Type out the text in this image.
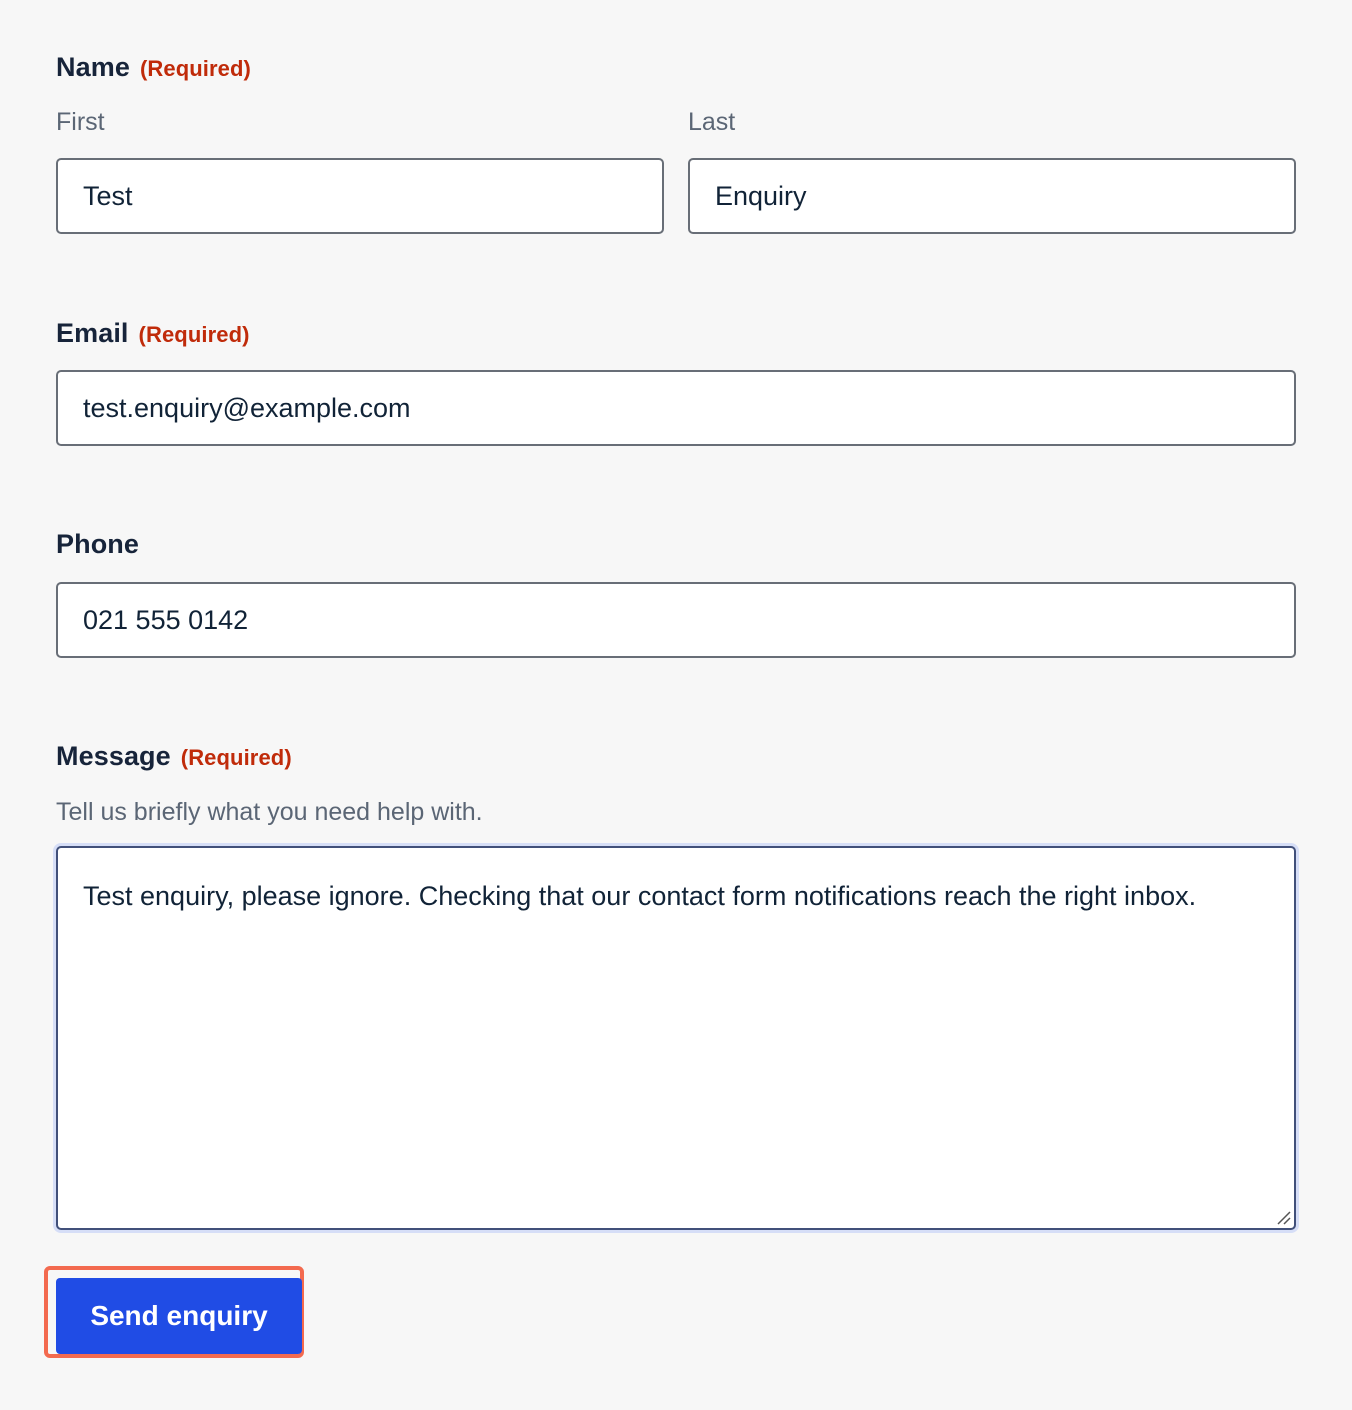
Name (Required)
First	Last
Test	Enquiry
Email (Required)
test.enquiry@example.com
Phone
021 555 0142
Message (Required)
Tell us briefly what you need help with.
Test enquiry, please ignore. Checking that our contact form notifications reach the right inbox.
Send enquiry
